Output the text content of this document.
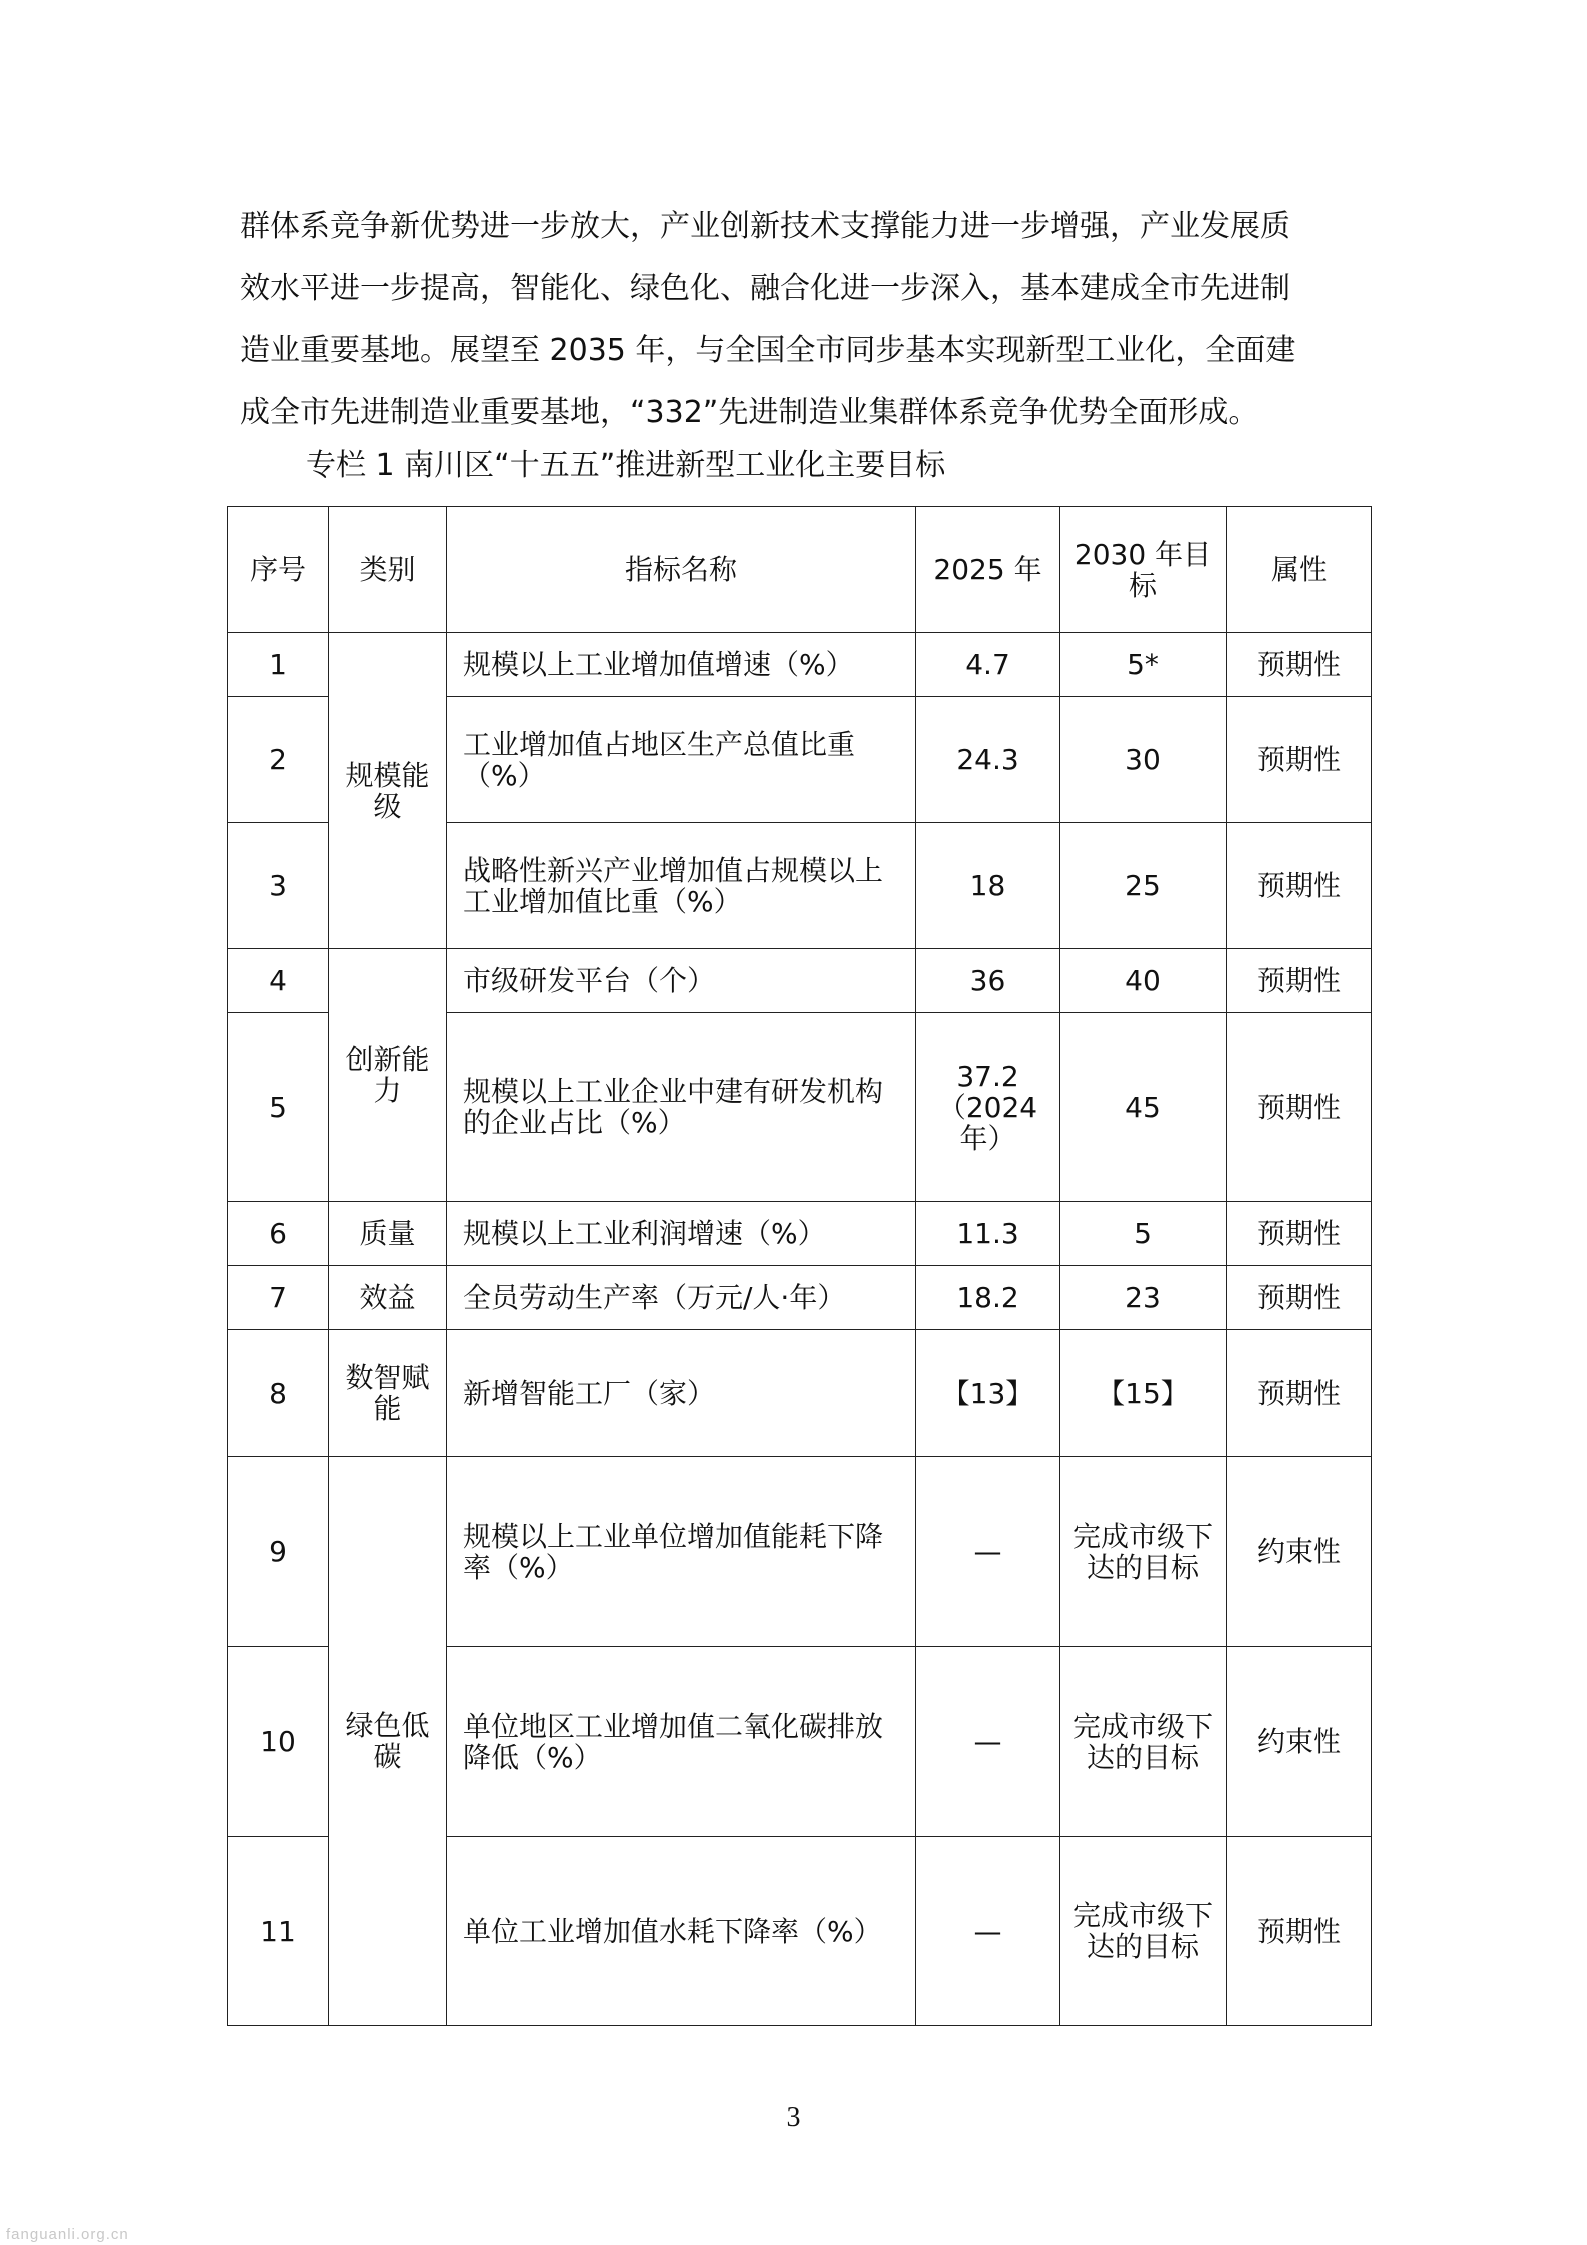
群体系竞争新优势进一步放大，产业创新技术支撑能力进一步增强，产业发展质
效水平进一步提高，智能化、绿色化、融合化进一步深入，基本建成全市先进制
造业重要基地。展望至 2035 年，与全国全市同步基本实现新型工业化，全面建
成全市先进制造业重要基地，“332”先进制造业集群体系竞争优势全面形成。
专栏 1 南川区“十五五”推进新型工业化主要目标
序号	类别	指标名称	2025 年	2030 年目标	属性
1	规模能级	规模以上工业增加值增速（%）	4.7	5*	预期性
2		工业增加值占地区生产总值比重（%）	24.3	30	预期性
3		战略性新兴产业增加值占规模以上工业增加值比重（%）	18	25	预期性
4	创新能力	市级研发平台（个）	36	40	预期性
5		规模以上工业企业中建有研发机构的企业占比（%）	37.2（2024 年）	45	预期性
6	质量	规模以上工业利润增速（%）	11.3	5	预期性
7	效益	全员劳动生产率（万元/人·年）	18.2	23	预期性
8	数智赋能	新增智能工厂（家）	【13】	【15】	预期性
9	绿色低碳	规模以上工业单位增加值能耗下降率（%）	—	完成市级下达的目标	约束性
10		单位地区工业增加值二氧化碳排放降低（%）	—	完成市级下达的目标	约束性
11		单位工业增加值水耗下降率（%）	—	完成市级下达的目标	预期性
3
fanguanli.org.cn
